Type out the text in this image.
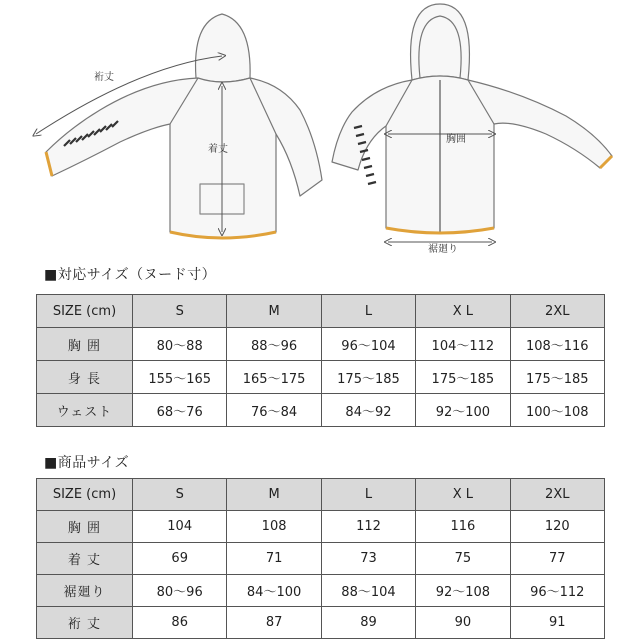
裄丈
着丈
胸囲
裾廻り
■対応サイズ（ヌード寸）
SIZE (cm)	S	M	L	X L	2XL
胸 囲	80～88	88～96	96～104	104～112	108～116
身 長	155～165	165～175	175～185	175～185	175～185
ウェスト	68～76	76～84	84～92	92～100	100～108
■商品サイズ
SIZE (cm)	S	M	L	X L	2XL
胸 囲	104	108	112	116	120
着 丈	69	71	73	75	77
裾廻り	80～96	84～100	88～104	92～108	96～112
裄 丈	86	87	89	90	91
